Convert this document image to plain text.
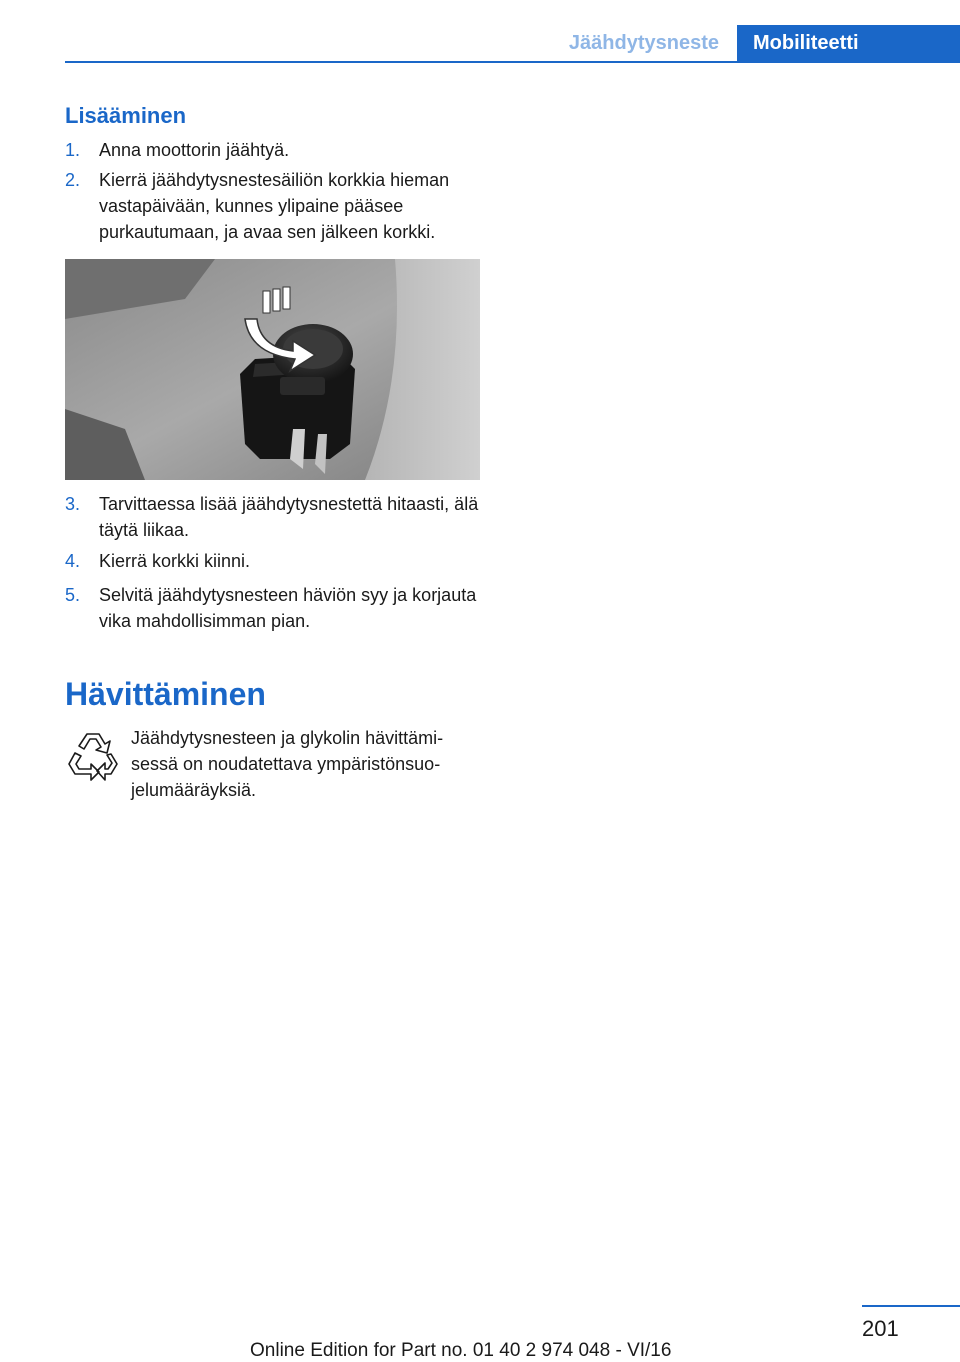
Jäähdytysneste	Mobiliteetti
Lisääminen
1. Anna moottorin jäähtyä.
2. Kierrä jäähdytysnestesäiliön korkkia hieman vastapäivään, kunnes ylipaine pääsee purkautumaan, ja avaa sen jälkeen korkki.
3. Tarvittaessa lisää jäähdytysnestettä hitaasti, älä täytä liikaa.
4. Kierrä korkki kiinni.
5. Selvitä jäähdytysnesteen häviön syy ja korjauta vika mahdollisimman pian.
Hävittäminen
Jäähdytysnesteen ja glykolin hävittämisessä on noudatettava ympäristönsuojelumääräyksiä.
201
Online Edition for Part no. 01 40 2 974 048 - VI/16
